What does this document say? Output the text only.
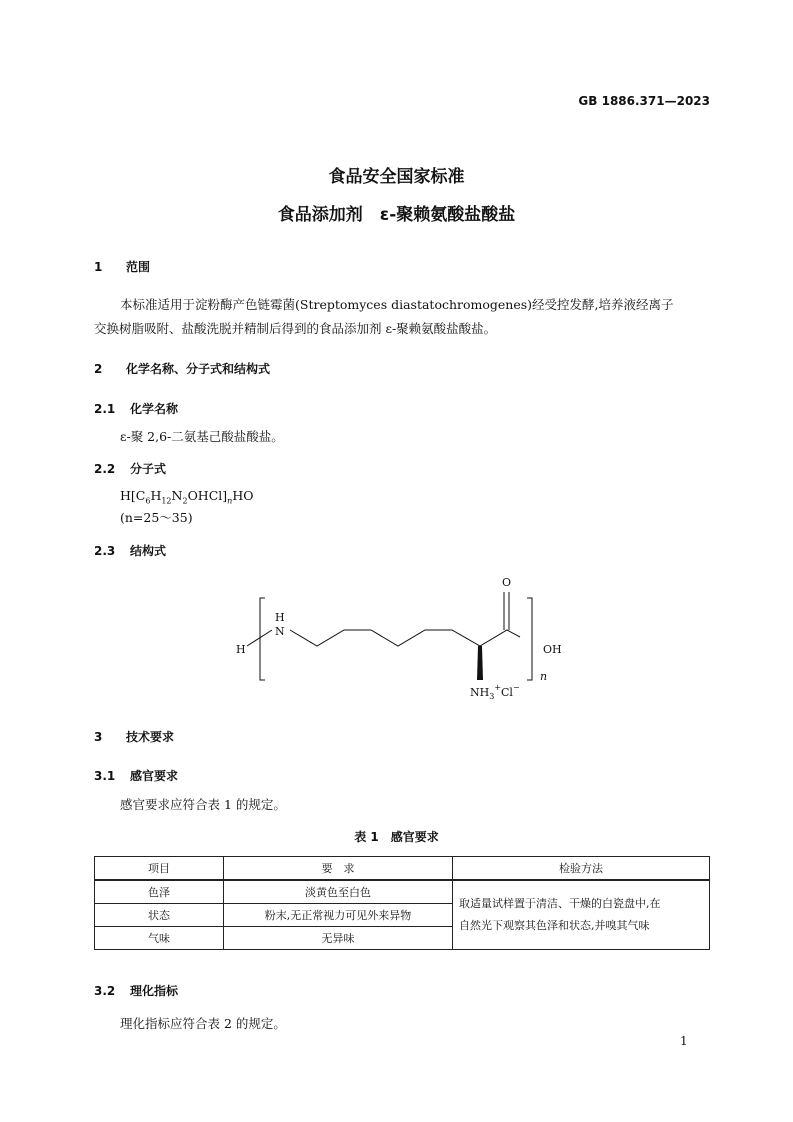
GB 1886.371—2023
食品安全国家标准
食品添加剂　ε-聚赖氨酸盐酸盐
1 范围
本标准适用于淀粉酶产色链霉菌(Streptomyces diastatochromogenes)经受控发酵,培养液经离子
交换树脂吸附、盐酸洗脱并精制后得到的食品添加剂 ε-聚赖氨酸盐酸盐。
2 化学名称、分子式和结构式
2.1 化学名称
ε-聚 2,6-二氨基己酸盐酸盐。
2.2 分子式
$H[C_6H_{12}N_2OHCl]_nHO$
(n=25～35)
2.3 结构式
H
N
H
O
OH
n
$NH_3^+Cl^-$
3 技术要求
3.1 感官要求
感官要求应符合表 1 的规定。
表 1　感官要求
项目	要　求	检验方法
色泽	淡黄色至白色	取适量试样置于清洁、干燥的白瓷盘中,在
自然光下观察其色泽和状态,并嗅其气味
状态	粉末,无正常视力可见外来异物	
气味	无异味	
3.2 理化指标
理化指标应符合表 2 的规定。
1
